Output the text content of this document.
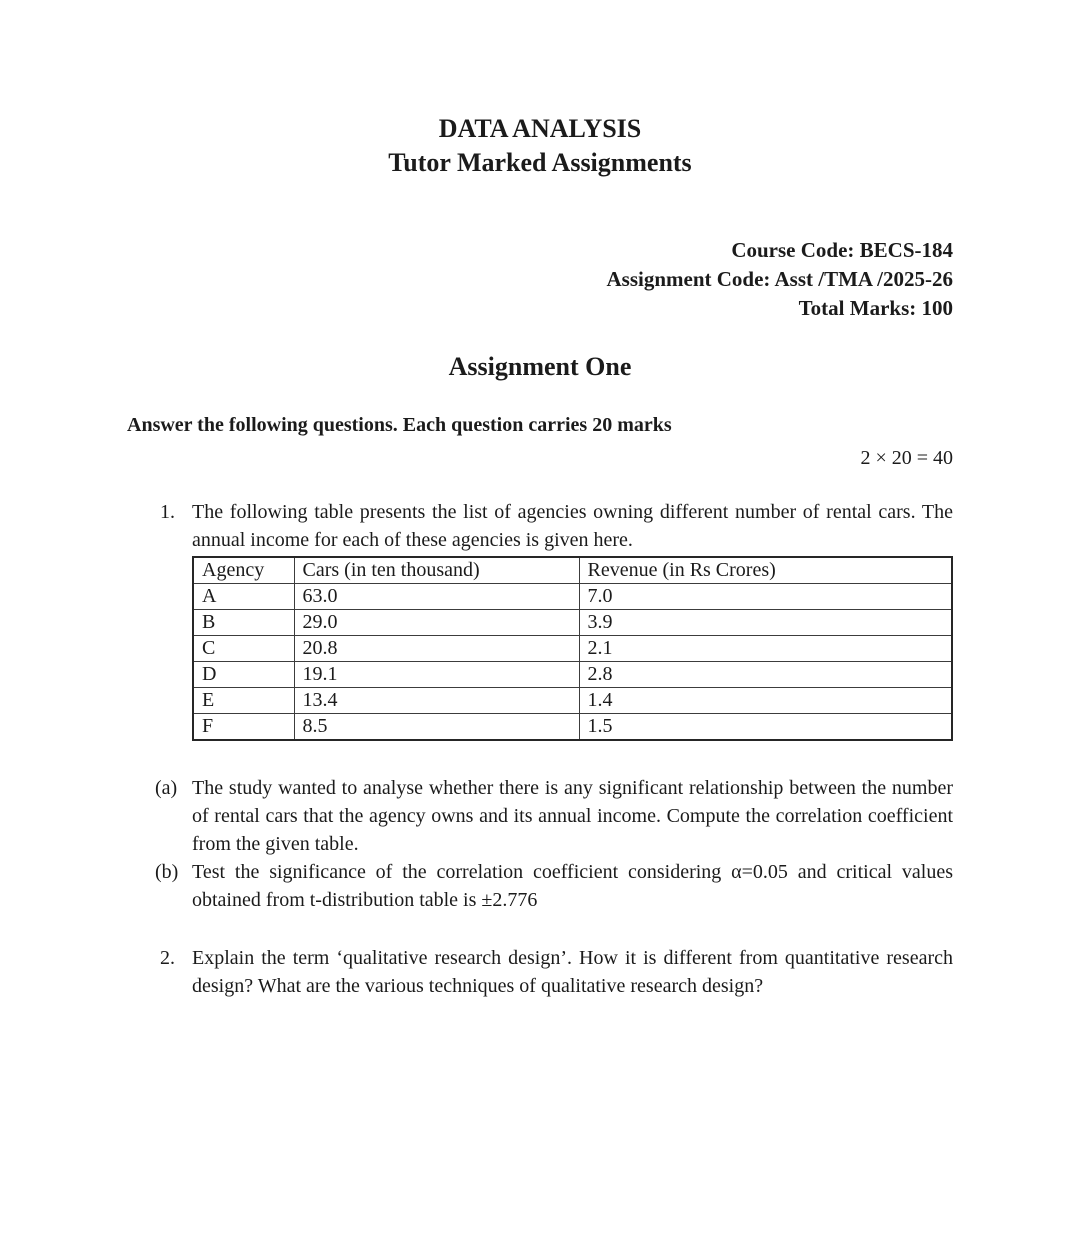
DATA ANALYSIS
Tutor Marked Assignments
Course Code: BECS-184
Assignment Code: Asst /TMA /2025-26
Total Marks: 100
Assignment One
Answer the following questions. Each question carries 20 marks
2 × 20 = 40
1. The following table presents the list of agencies owning different number of rental cars. The annual income for each of these agencies is given here.

Agency	Cars (in ten thousand)	Revenue (in Rs Crores)
A	63.0	7.0
B	29.0	3.9
C	20.8	2.1
D	19.1	2.8
E	13.4	1.4
F	8.5	1.5
(a) The study wanted to analyse whether there is any significant relationship between the number of rental cars that the agency owns and its annual income. Compute the correlation coefficient from the given table.

(b) Test the significance of the correlation coefficient considering α=0.05 and critical values obtained from t-distribution table is ±2.776

2. Explain the term ‘qualitative research design’. How it is different from quantitative research design? What are the various techniques of qualitative research design?
